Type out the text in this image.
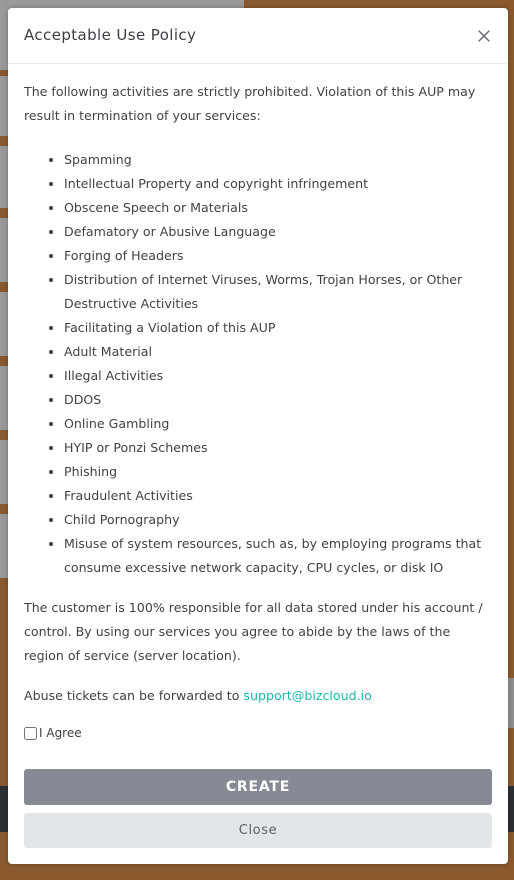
Acceptable Use Policy

The following activities are strictly prohibited. Violation of this AUP may result in termination of your services:

• Spamming
• Intellectual Property and copyright infringement
• Obscene Speech or Materials
• Defamatory or Abusive Language
• Forging of Headers
• Distribution of Internet Viruses, Worms, Trojan Horses, or Other Destructive Activities
• Facilitating a Violation of this AUP
• Adult Material
• Illegal Activities
• DDOS
• Online Gambling
• HYIP or Ponzi Schemes
• Phishing
• Fraudulent Activities
• Child Pornography
• Misuse of system resources, such as, by employing programs that consume excessive network capacity, CPU cycles, or disk IO

The customer is 100% responsible for all data stored under his account / control. By using our services you agree to abide by the laws of the region of service (server location).

Abuse tickets can be forwarded to support@bizcloud.io

I Agree
CREATE
Close
